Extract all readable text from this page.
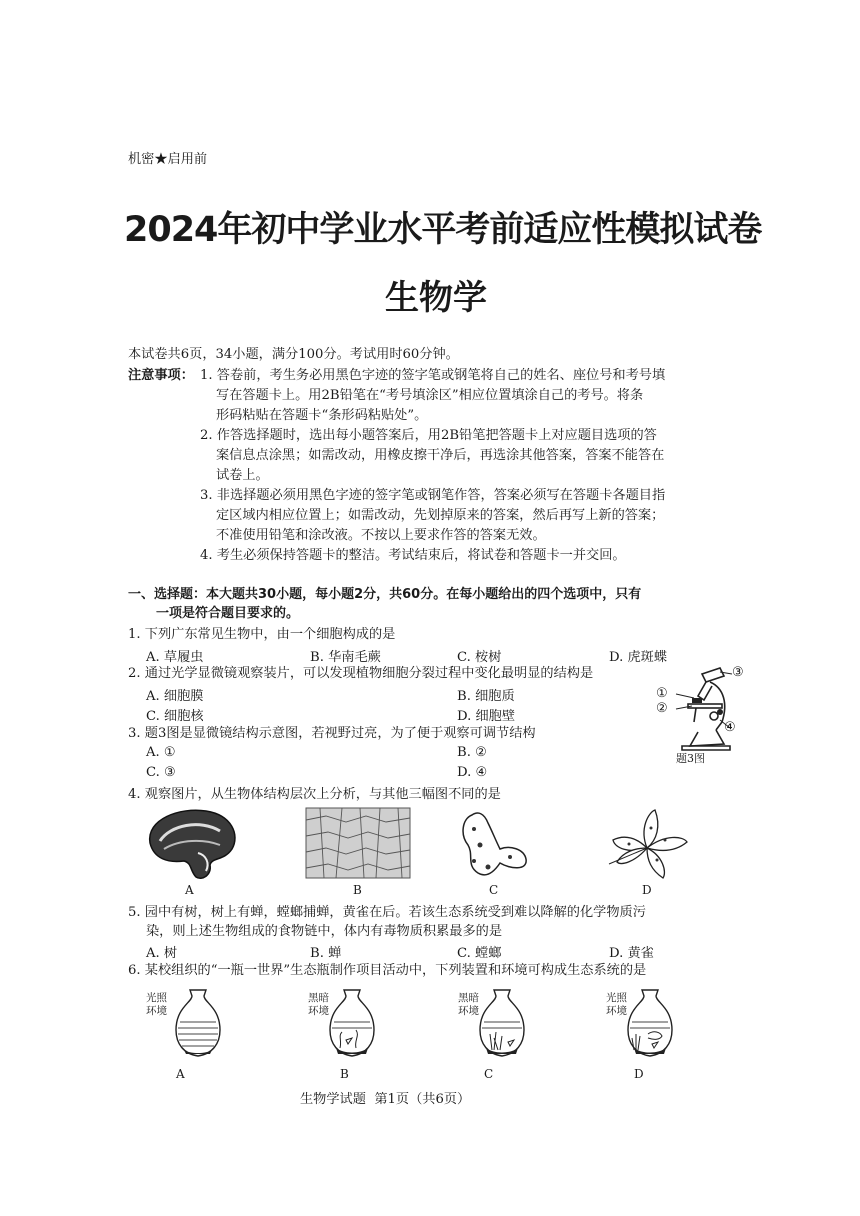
机密★启用前
2024年初中学业水平考前适应性模拟试卷
生物学
本试卷共6页，34小题，满分100分。考试用时60分钟。
注意事项： 1. 答卷前，考生务必用黑色字迹的签字笔或钢笔将自己的姓名、座位号和考号填
写在答题卡上。用2B铅笔在“考号填涂区”相应位置填涂自己的考号。将条
形码粘贴在答题卡“条形码粘贴处”。
2. 作答选择题时，选出每小题答案后，用2B铅笔把答题卡上对应题目选项的答
案信息点涂黑；如需改动，用橡皮擦干净后，再选涂其他答案，答案不能答在
试卷上。
3. 非选择题必须用黑色字迹的签字笔或钢笔作答，答案必须写在答题卡各题目指
定区域内相应位置上；如需改动，先划掉原来的答案，然后再写上新的答案；
不准使用铅笔和涂改液。不按以上要求作答的答案无效。
4. 考生必须保持答题卡的整洁。考试结束后，将试卷和答题卡一并交回。
一、选择题：本大题共30小题，每小题2分，共60分。在每小题给出的四个选项中，只有
一项是符合题目要求的。
1. 下列广东常见生物中，由一个细胞构成的是
A. 草履虫	B. 华南毛蕨	C. 桉树	D. 虎斑蝶
2. 通过光学显微镜观察装片，可以发现植物细胞分裂过程中变化最明显的结构是
A. 细胞膜	B. 细胞质
C. 细胞核	D. 细胞壁
3. 题3图是显微镜结构示意图，若视野过亮，为了便于观察可调节结构
A. ①	B. ②
C. ③	D. ④
③
①
②
④
题3图
4. 观察图片，从生物体结构层次上分析，与其他三幅图不同的是
A	B	C	D
5. 园中有树，树上有蝉，螳螂捕蝉，黄雀在后。若该生态系统受到难以降解的化学物质污
染，则上述生物组成的食物链中，体内有毒物质积累最多的是
A. 树	B. 蝉	C. 螳螂	D. 黄雀
6. 某校组织的“一瓶一世界”生态瓶制作项目活动中，下列装置和环境可构成生态系统的是
光照
环境
A
黑暗
环境
B
黑暗
环境
C
光照
环境
D
生物学试题  第1页（共6页）
